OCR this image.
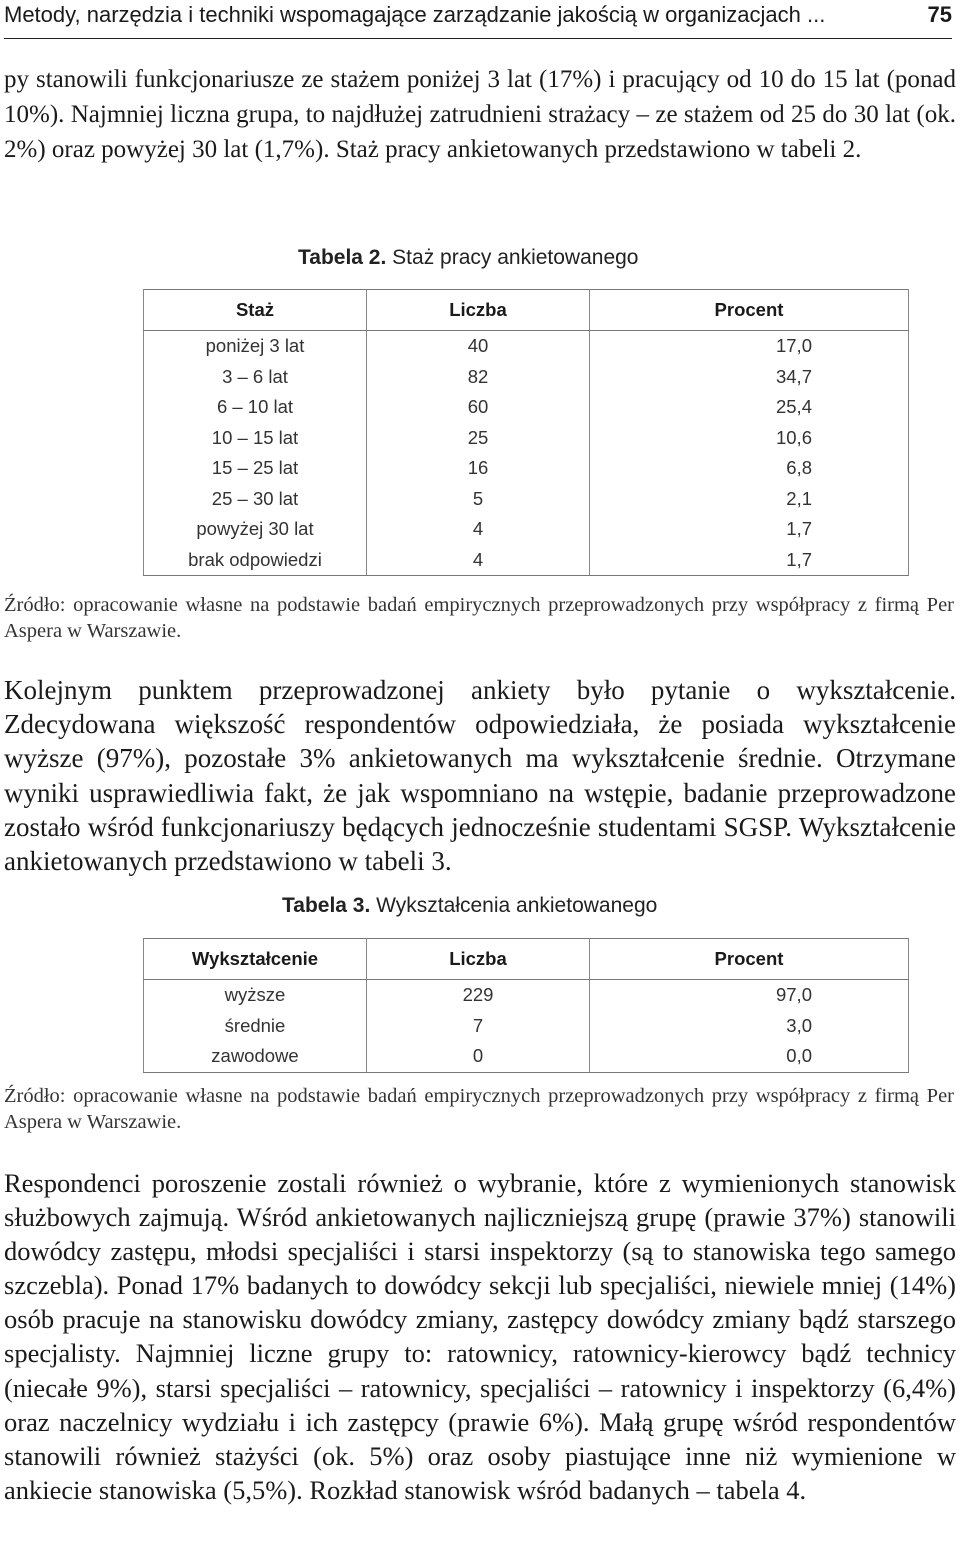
Metody, narzędzia i techniki wspomagające zarządzanie jakością w organizacjach ...	75
py stanowili funkcjonariusze ze stażem poniżej 3 lat (17%) i pracujący od 10 do 15 lat (ponad 10%). Najmniej liczna grupa, to najdłużej zatrudnieni strażacy – ze stażem od 25 do 30 lat (ok. 2%) oraz powyżej 30 lat (1,7%). Staż pracy ankietowanych przedstawiono w tabeli 2.
Tabela 2. Staż pracy ankietowanego
Staż	Liczba	Procent
poniżej 3 lat	40	17,0
3 – 6 lat	82	34,7
6 – 10 lat	60	25,4
10 – 15 lat	25	10,6
15 – 25 lat	16	6,8
25 – 30 lat	5	2,1
powyżej 30 lat	4	1,7
brak odpowiedzi	4	1,7
Źródło: opracowanie własne na podstawie badań empirycznych przeprowadzonych przy współpracy z firmą Per Aspera w Warszawie.
Kolejnym punktem przeprowadzonej ankiety było pytanie o wykształcenie. Zdecydowana większość respondentów odpowiedziała, że posiada wykształcenie wyższe (97%), pozostałe 3% ankietowanych ma wykształcenie średnie. Otrzymane wyniki usprawiedliwia fakt, że jak wspomniano na wstępie, badanie przeprowadzone zostało wśród funkcjonariuszy będących jednocześnie studentami SGSP. Wykształcenie ankietowanych przedstawiono w tabeli 3.
Tabela 3. Wykształcenia ankietowanego
Wykształcenie	Liczba	Procent
wyższe	229	97,0
średnie	7	3,0
zawodowe	0	0,0
Źródło: opracowanie własne na podstawie badań empirycznych przeprowadzonych przy współpracy z firmą Per Aspera w Warszawie.
Respondenci poroszenie zostali również o wybranie, które z wymienionych stanowisk służbowych zajmują. Wśród ankietowanych najliczniejszą grupę (prawie 37%) stanowili dowódcy zastępu, młodsi specjaliści i starsi inspektorzy (są to stanowiska tego samego szczebla). Ponad 17% badanych to dowódcy sekcji lub specjaliści, niewiele mniej (14%) osób pracuje na stanowisku dowódcy zmiany, zastępcy dowódcy zmiany bądź starszego specjalisty. Najmniej liczne grupy to: ratownicy, ratownicy-kierowcy bądź technicy (niecałe 9%), starsi specjaliści – ratownicy, specjaliści – ratownicy i inspektorzy (6,4%) oraz naczelnicy wydziału i ich zastępcy (prawie 6%). Małą grupę wśród respondentów stanowili również stażyści (ok. 5%) oraz osoby piastujące inne niż wymienione w ankiecie stanowiska (5,5%). Rozkład stanowisk wśród badanych – tabela 4.
